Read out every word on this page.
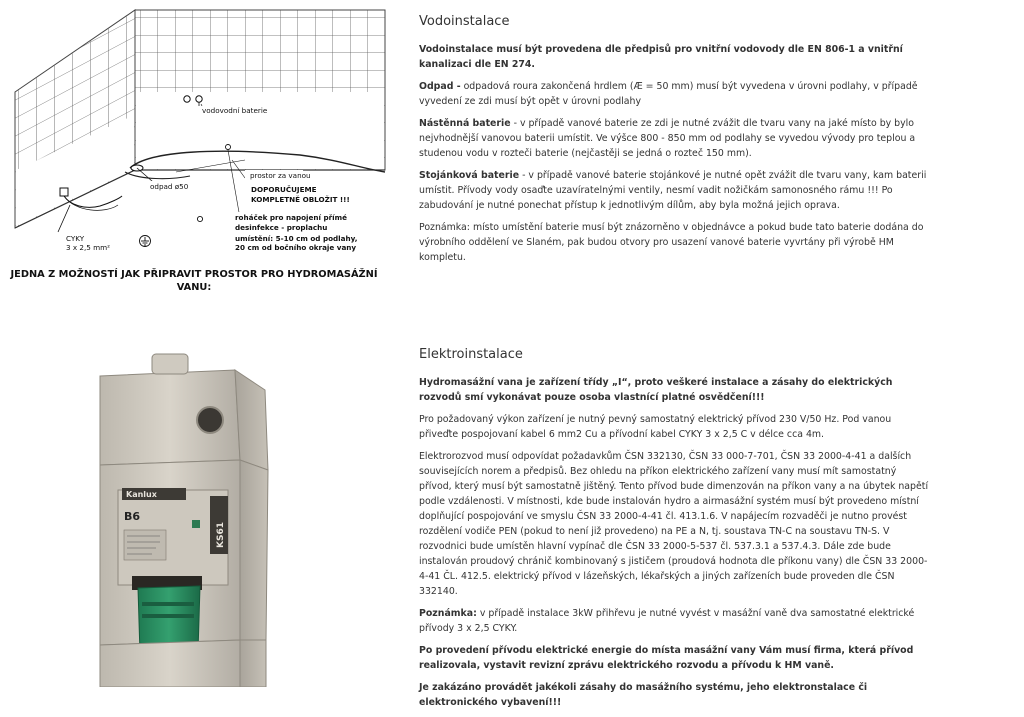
vodovodní baterie
prostor za vanou
odpad ø50	DOPORUČUJEME
KOMPLETNĚ OBLOŽIT !!!
roháček pro napojení přímé
desinfekce - proplachu
umístění: 5-10 cm od podlahy,
20 cm od bočního okraje vany
CYKY
3 x 2,5 mm²
JEDNA Z MOŽNOSTÍ JAK PŘIPRAVIT PROSTOR PRO HYDROMASÁŽNÍ
VANU:
Kanlux
B6
KS61
Vodoinstalace

Vodoinstalace musí být provedena dle předpisů pro vnitřní vodovody dle EN 806-1 a vnitřní kanalizaci dle EN 274.

Odpad - odpadová roura zakončená hrdlem (Æ = 50 mm) musí být vyvedena v úrovni podlahy, v případě vyvedení ze zdi musí být opět v úrovni podlahy

Nástěnná baterie - v případě vanové baterie ze zdi je nutné zvážit dle tvaru vany na jaké místo by bylo nejvhodnější vanovou baterii umístit. Ve výšce 800 - 850 mm od podlahy se vyvedou vývody pro teplou a studenou vodu v rozteči baterie (nejčastěji se jedná o rozteč 150 mm).

Stojánková baterie - v případě vanové baterie stojánkové je nutné opět zvážit dle tvaru vany, kam baterii umístit. Přívody vody osaďte uzavíratelnými ventily, nesmí vadit nožičkám samonosného rámu !!! Po zabudování je nutné ponechat přístup k jednotlivým dílům, aby byla možná jejich oprava.

Poznámka: místo umístění baterie musí být znázorněno v objednávce a pokud bude tato baterie dodána do výrobního oddělení ve Slaném, pak budou otvory pro usazení vanové baterie vyvrtány při výrobě HM kompletu.

Elektroinstalace

Hydromasážní vana je zařízení třídy „I“, proto veškeré instalace a zásahy do elektrických rozvodů smí vykonávat pouze osoba vlastnící platné osvědčení!!!

Pro požadovaný výkon zařízení je nutný pevný samostatný elektrický přívod 230 V/50 Hz. Pod vanou přiveďte pospojovaní kabel 6 mm2 Cu a přívodní kabel CYKY 3 x 2,5 C v délce cca 4m.

Elektrorozvod musí odpovídat požadavkům ČSN 332130, ČSN 33 000-7-701, ČSN 33 2000-4-41 a dalších souvisejících norem a předpisů. Bez ohledu na příkon elektrického zařízení vany musí mít samostatný přívod, který musí být samostatně jištěný. Tento přívod bude dimenzován na příkon vany a na úbytek napětí podle vzdálenosti. V místnosti, kde bude instalován hydro a airmasážní systém musí být provedeno místní doplňující pospojování ve smyslu ČSN 33 2000-4-41 čl. 413.1.6. V napájecím rozvaděči je nutno provést rozdělení vodiče PEN (pokud to není již provedeno) na PE a N, tj. soustava TN-C na soustavu TN-S. V rozvodnici bude umístěn hlavní vypínač dle ČSN 33 2000-5-537 čl. 537.3.1 a 537.4.3. Dále zde bude instalován proudový chránič kombinovaný s jističem (proudová hodnota dle příkonu vany) dle ČSN 33 2000-4-41 ČL. 412.5. elektrický přívod v lázeňských, lékařských a jiných zařízeních bude proveden dle ČSN 332140.

Poznámka: v případě instalace 3kW přihřevu je nutné vyvést v masážní vaně dva samostatné elektrické přívody 3 x 2,5 CYKY.

Po provedení přívodu elektrické energie do místa masážní vany Vám musí firma, která přívod realizovala, vystavit revizní zprávu elektrického rozvodu a přívodu k HM vaně.

Je zakázáno provádět jakékoli zásahy do masážního systému, jeho elektronstalace či elektronického vybavení!!!
